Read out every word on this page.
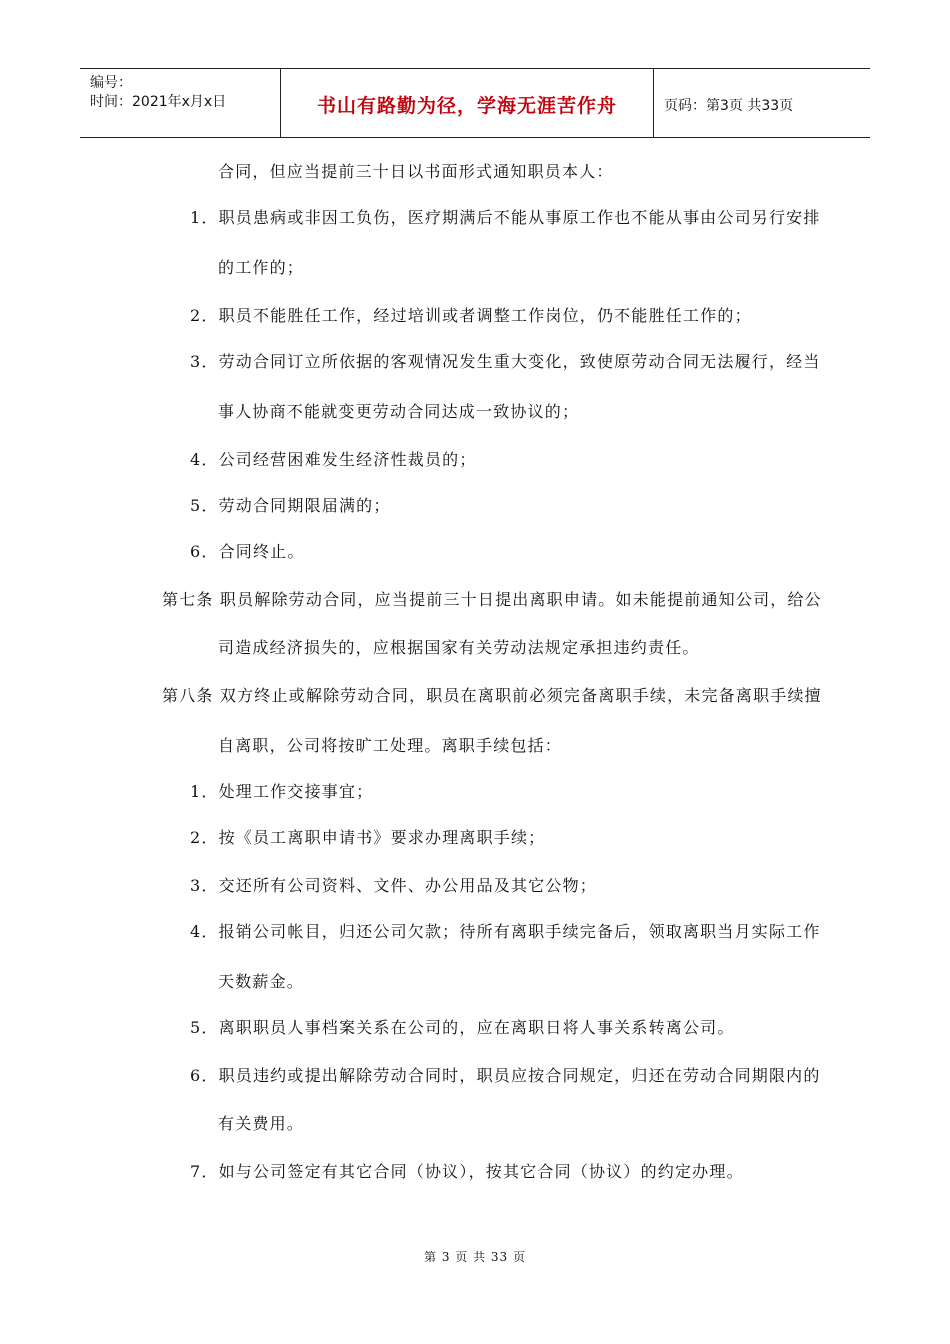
编号：
时间：2021年x月x日	书山有路勤为径，学海无涯苦作舟	页码：第3页 共33页
合同，但应当提前三十日以书面形式通知职员本人：
1．职员患病或非因工负伤，医疗期满后不能从事原工作也不能从事由公司另行安排
的工作的；
2．职员不能胜任工作，经过培训或者调整工作岗位，仍不能胜任工作的；
3．劳动合同订立所依据的客观情况发生重大变化，致使原劳动合同无法履行，经当
事人协商不能就变更劳动合同达成一致协议的；
4．公司经营困难发生经济性裁员的；
5．劳动合同期限届满的；
6．合同终止。
第七条 职员解除劳动合同，应当提前三十日提出离职申请。如未能提前通知公司，给公
司造成经济损失的，应根据国家有关劳动法规定承担违约责任。
第八条 双方终止或解除劳动合同，职员在离职前必须完备离职手续，未完备离职手续擅
自离职，公司将按旷工处理。离职手续包括：
1．处理工作交接事宜；
2．按《员工离职申请书》要求办理离职手续；
3．交还所有公司资料、文件、办公用品及其它公物；
4．报销公司帐目，归还公司欠款；待所有离职手续完备后，领取离职当月实际工作
天数薪金。
5．离职职员人事档案关系在公司的，应在离职日将人事关系转离公司。
6．职员违约或提出解除劳动合同时，职员应按合同规定，归还在劳动合同期限内的
有关费用。
7．如与公司签定有其它合同（协议），按其它合同（协议）的约定办理。
第 3 页 共 33 页
